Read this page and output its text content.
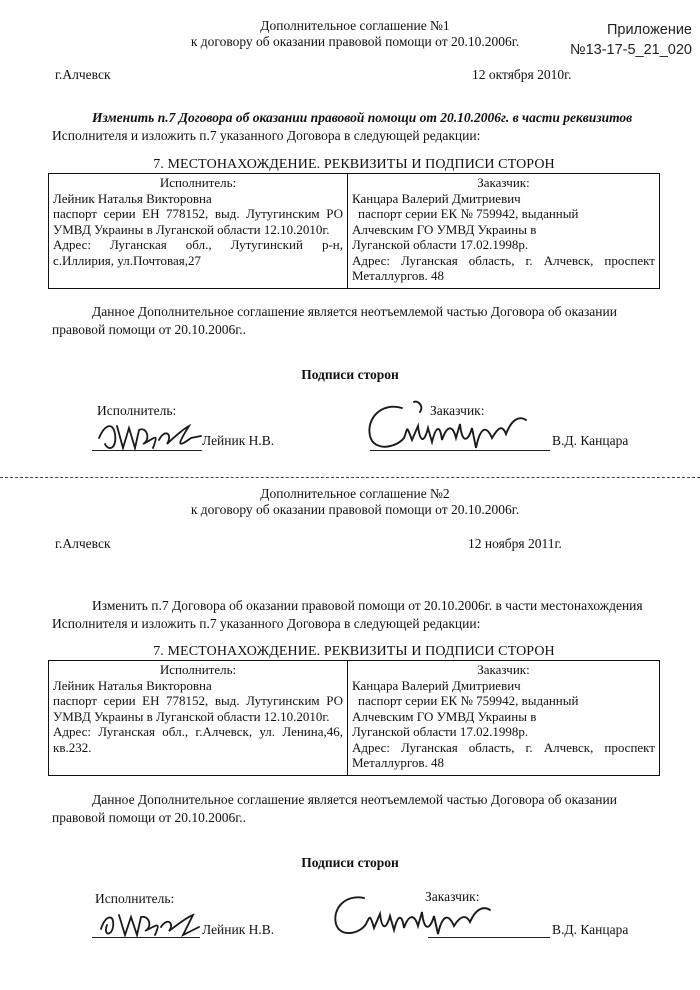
Приложение
№13-17-5_21_020
Дополнительное соглашение №1
к договору об оказании правовой помощи от 20.10.2006г.
г.Алчевск	12 октября 2010г.

Изменить п.7 Договора об оказании правовой помощи от 20.10.2006г. в части реквизитов

Исполнителя и изложить п.7 указанного Договора в следующей редакции:

7. МЕСТОНАХОЖДЕНИЕ. РЕКВИЗИТЫ И ПОДПИСИ СТОРОН
Исполнитель:
Лейник Наталья Викторовна
паспорт серии ЕН 778152, выд. Лутугинским РО УМВД Украины в Луганской области 12.10.2010г.
Адрес: Луганская обл., Лутугинский р-н, с.Иллирия, ул.Почтовая,27

Заказчик:
Канцара Валерий Дмитриевич
паспорт серии ЕК № 759942, выданный
Алчевским ГО УМВД Украины в
Луганской области 17.02.1998р.
Адрес: Луганская область, г. Алчевск, проспект Металлургов. 48

Данное Дополнительное соглашение является неотъемлемой частью Договора об оказании

правовой помощи от 20.10.2006г..

Подписи сторон
Исполнитель:
Лейник Н.В.
Заказчик:
В.Д. Канцара
Дополнительное соглашение №2
к договору об оказании правовой помощи от 20.10.2006г.
г.Алчевск	12 ноября 2011г.

Изменить п.7 Договора об оказании правовой помощи от 20.10.2006г. в части местонахождения

Исполнителя и изложить п.7 указанного Договора в следующей редакции:

7. МЕСТОНАХОЖДЕНИЕ. РЕКВИЗИТЫ И ПОДПИСИ СТОРОН
Исполнитель:
Лейник Наталья Викторовна
паспорт серии ЕН 778152, выд. Лутугинским РО УМВД Украины в Луганской области 12.10.2010г.
Адрес: Луганская обл., г.Алчевск, ул. Ленина,46, кв.232.

Заказчик:
Канцара Валерий Дмитриевич
паспорт серии ЕК № 759942, выданный
Алчевским ГО УМВД Украины в
Луганской области 17.02.1998р.
Адрес: Луганская область, г. Алчевск, проспект Металлургов. 48

Данное Дополнительное соглашение является неотъемлемой частью Договора об оказании

правовой помощи от 20.10.2006г..

Подписи сторон
Исполнитель:
Лейник Н.В.
Заказчик:
В.Д. Канцара
